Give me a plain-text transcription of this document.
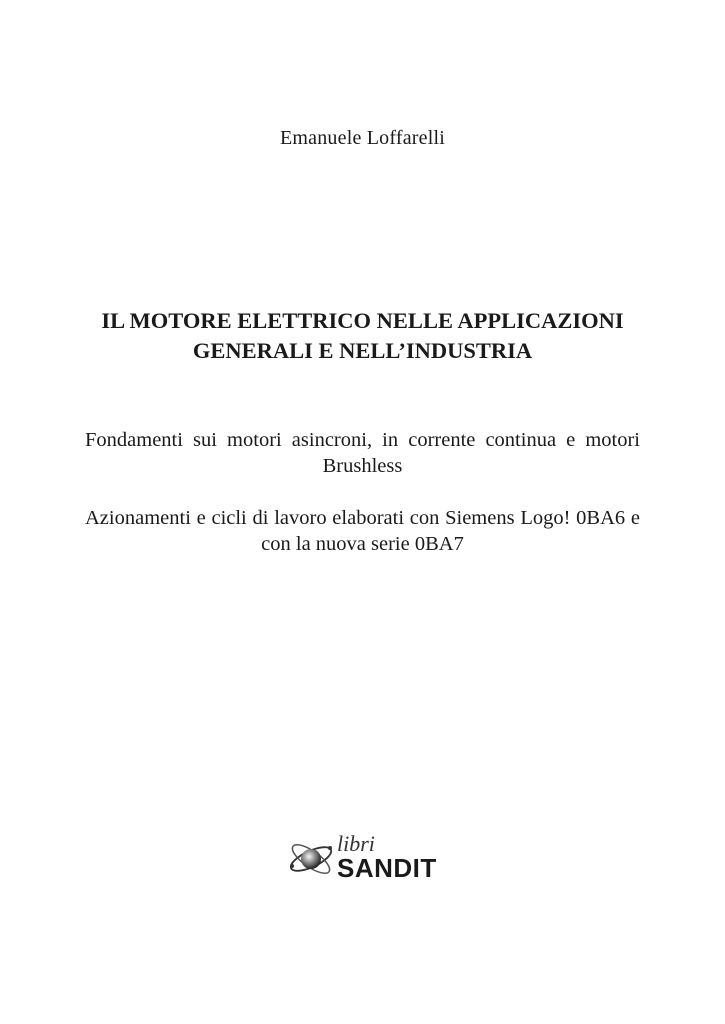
Emanuele Loffarelli
IL MOTORE ELETTRICO NELLE APPLICAZIONI
GENERALI E NELL’INDUSTRIA

Fondamenti sui motori asincroni, in corrente continua e motori Brushless

Azionamenti e cicli di lavoro elaborati con Siemens Logo! 0BA6 e con la nuova serie 0BA7

libri
SANDIT
